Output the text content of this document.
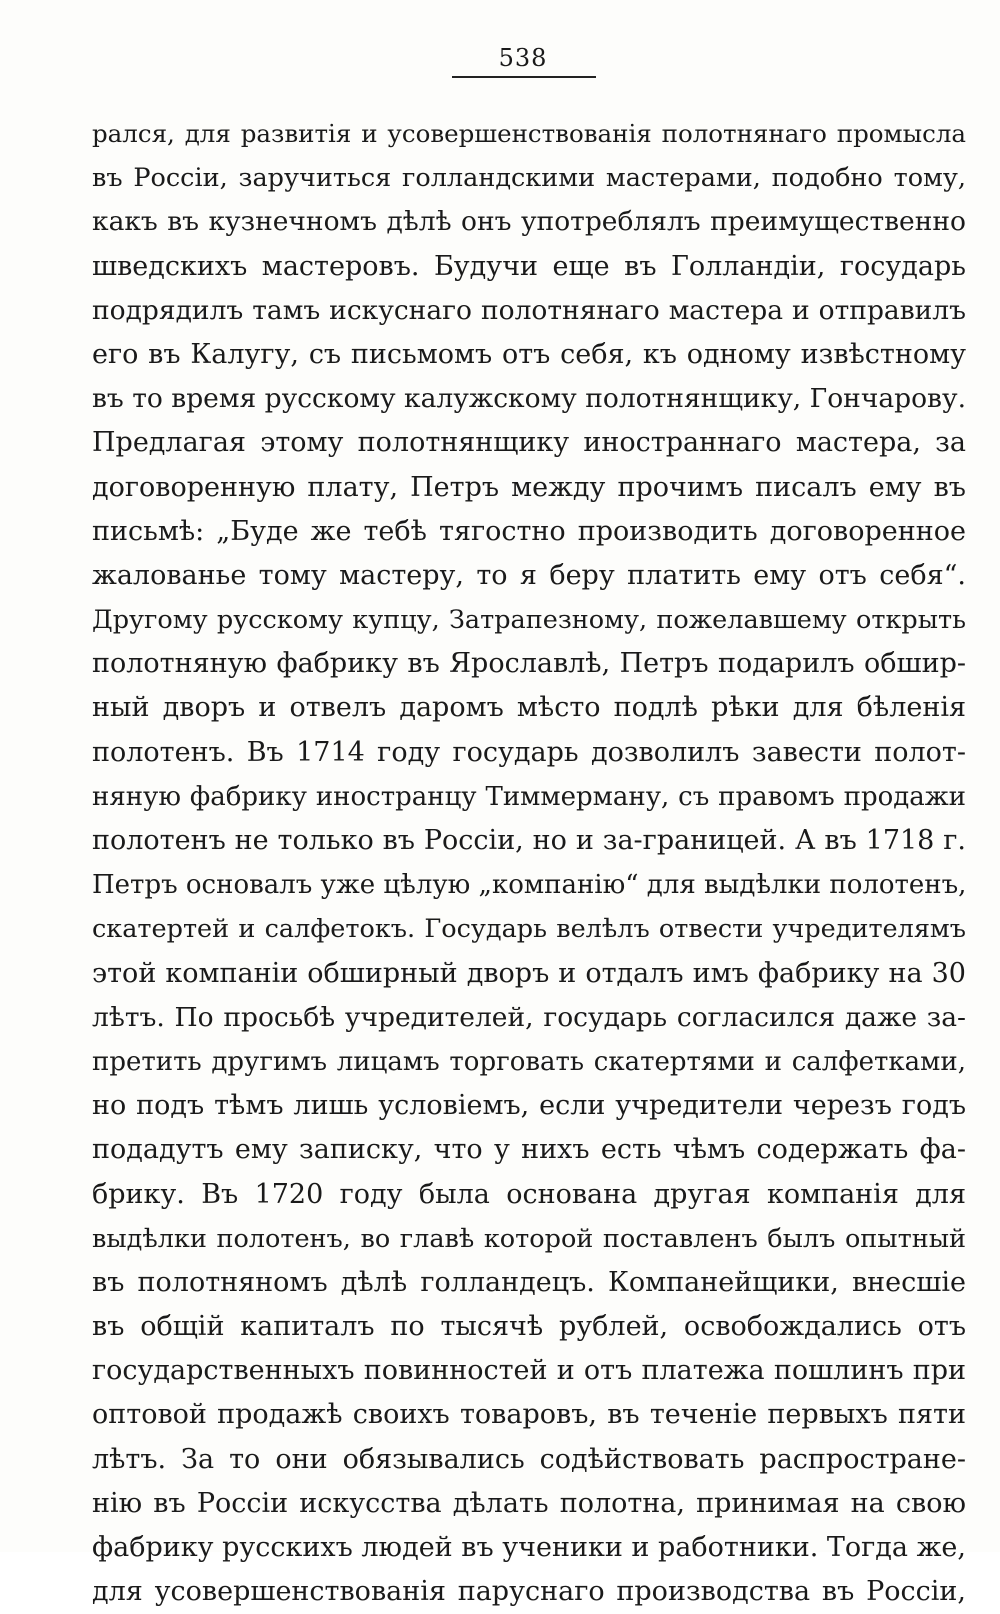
538
рался, для развитія и усовершенствованія полотнянаго промысла
въ Россіи, заручиться голландскими мастерами, подобно тому,
какъ въ кузнечномъ дѣлѣ онъ употреблялъ преимущественно
шведскихъ мастеровъ. Будучи еще въ Голландіи, государь
подрядилъ тамъ искуснаго полотнянаго мастера и отправилъ
его въ Калугу, съ письмомъ отъ себя, къ одному извѣстному
въ то время русскому калужскому полотнянщику, Гончарову.
Предлагая этому полотнянщику иностраннаго мастера, за
договоренную плату, Петръ между прочимъ писалъ ему въ
письмѣ: „Буде же тебѣ тягостно производить договоренное
жалованье тому мастеру, то я беру платить ему отъ себя“.
Другому русскому купцу, Затрапезному, пожелавшему открыть
полотняную фабрику въ Ярославлѣ, Петръ подарилъ обшир-
ный дворъ и отвелъ даромъ мѣсто подлѣ рѣки для бѣленія
полотенъ. Въ 1714 году государь дозволилъ завести полот-
няную фабрику иностранцу Тиммерману, съ правомъ продажи
полотенъ не только въ Россіи, но и за-границей. А въ 1718 г.
Петръ основалъ уже цѣлую „компанію“ для выдѣлки полотенъ,
скатертей и салфетокъ. Государь велѣлъ отвести учредителямъ
этой компаніи обширный дворъ и отдалъ имъ фабрику на 30
лѣтъ. По просьбѣ учредителей, государь согласился даже за-
претить другимъ лицамъ торговать скатертями и салфетками,
но подъ тѣмъ лишь условіемъ, если учредители черезъ годъ
подадутъ ему записку, что у нихъ есть чѣмъ содержать фа-
брику. Въ 1720 году была основана другая компанія для
выдѣлки полотенъ, во главѣ которой поставленъ былъ опытный
въ полотняномъ дѣлѣ голландецъ. Компанейщики, внесшіе
въ общій капиталъ по тысячѣ рублей, освобождались отъ
государственныхъ повинностей и отъ платежа пошлинъ при
оптовой продажѣ своихъ товаровъ, въ теченіе первыхъ пяти
лѣтъ. За то они обязывались содѣйствовать распростране-
нію въ Россіи искусства дѣлать полотна, принимая на свою
фабрику русскихъ людей въ ученики и работники. Тогда же,
для усовершенствованія паруснаго производства въ Россіи,
